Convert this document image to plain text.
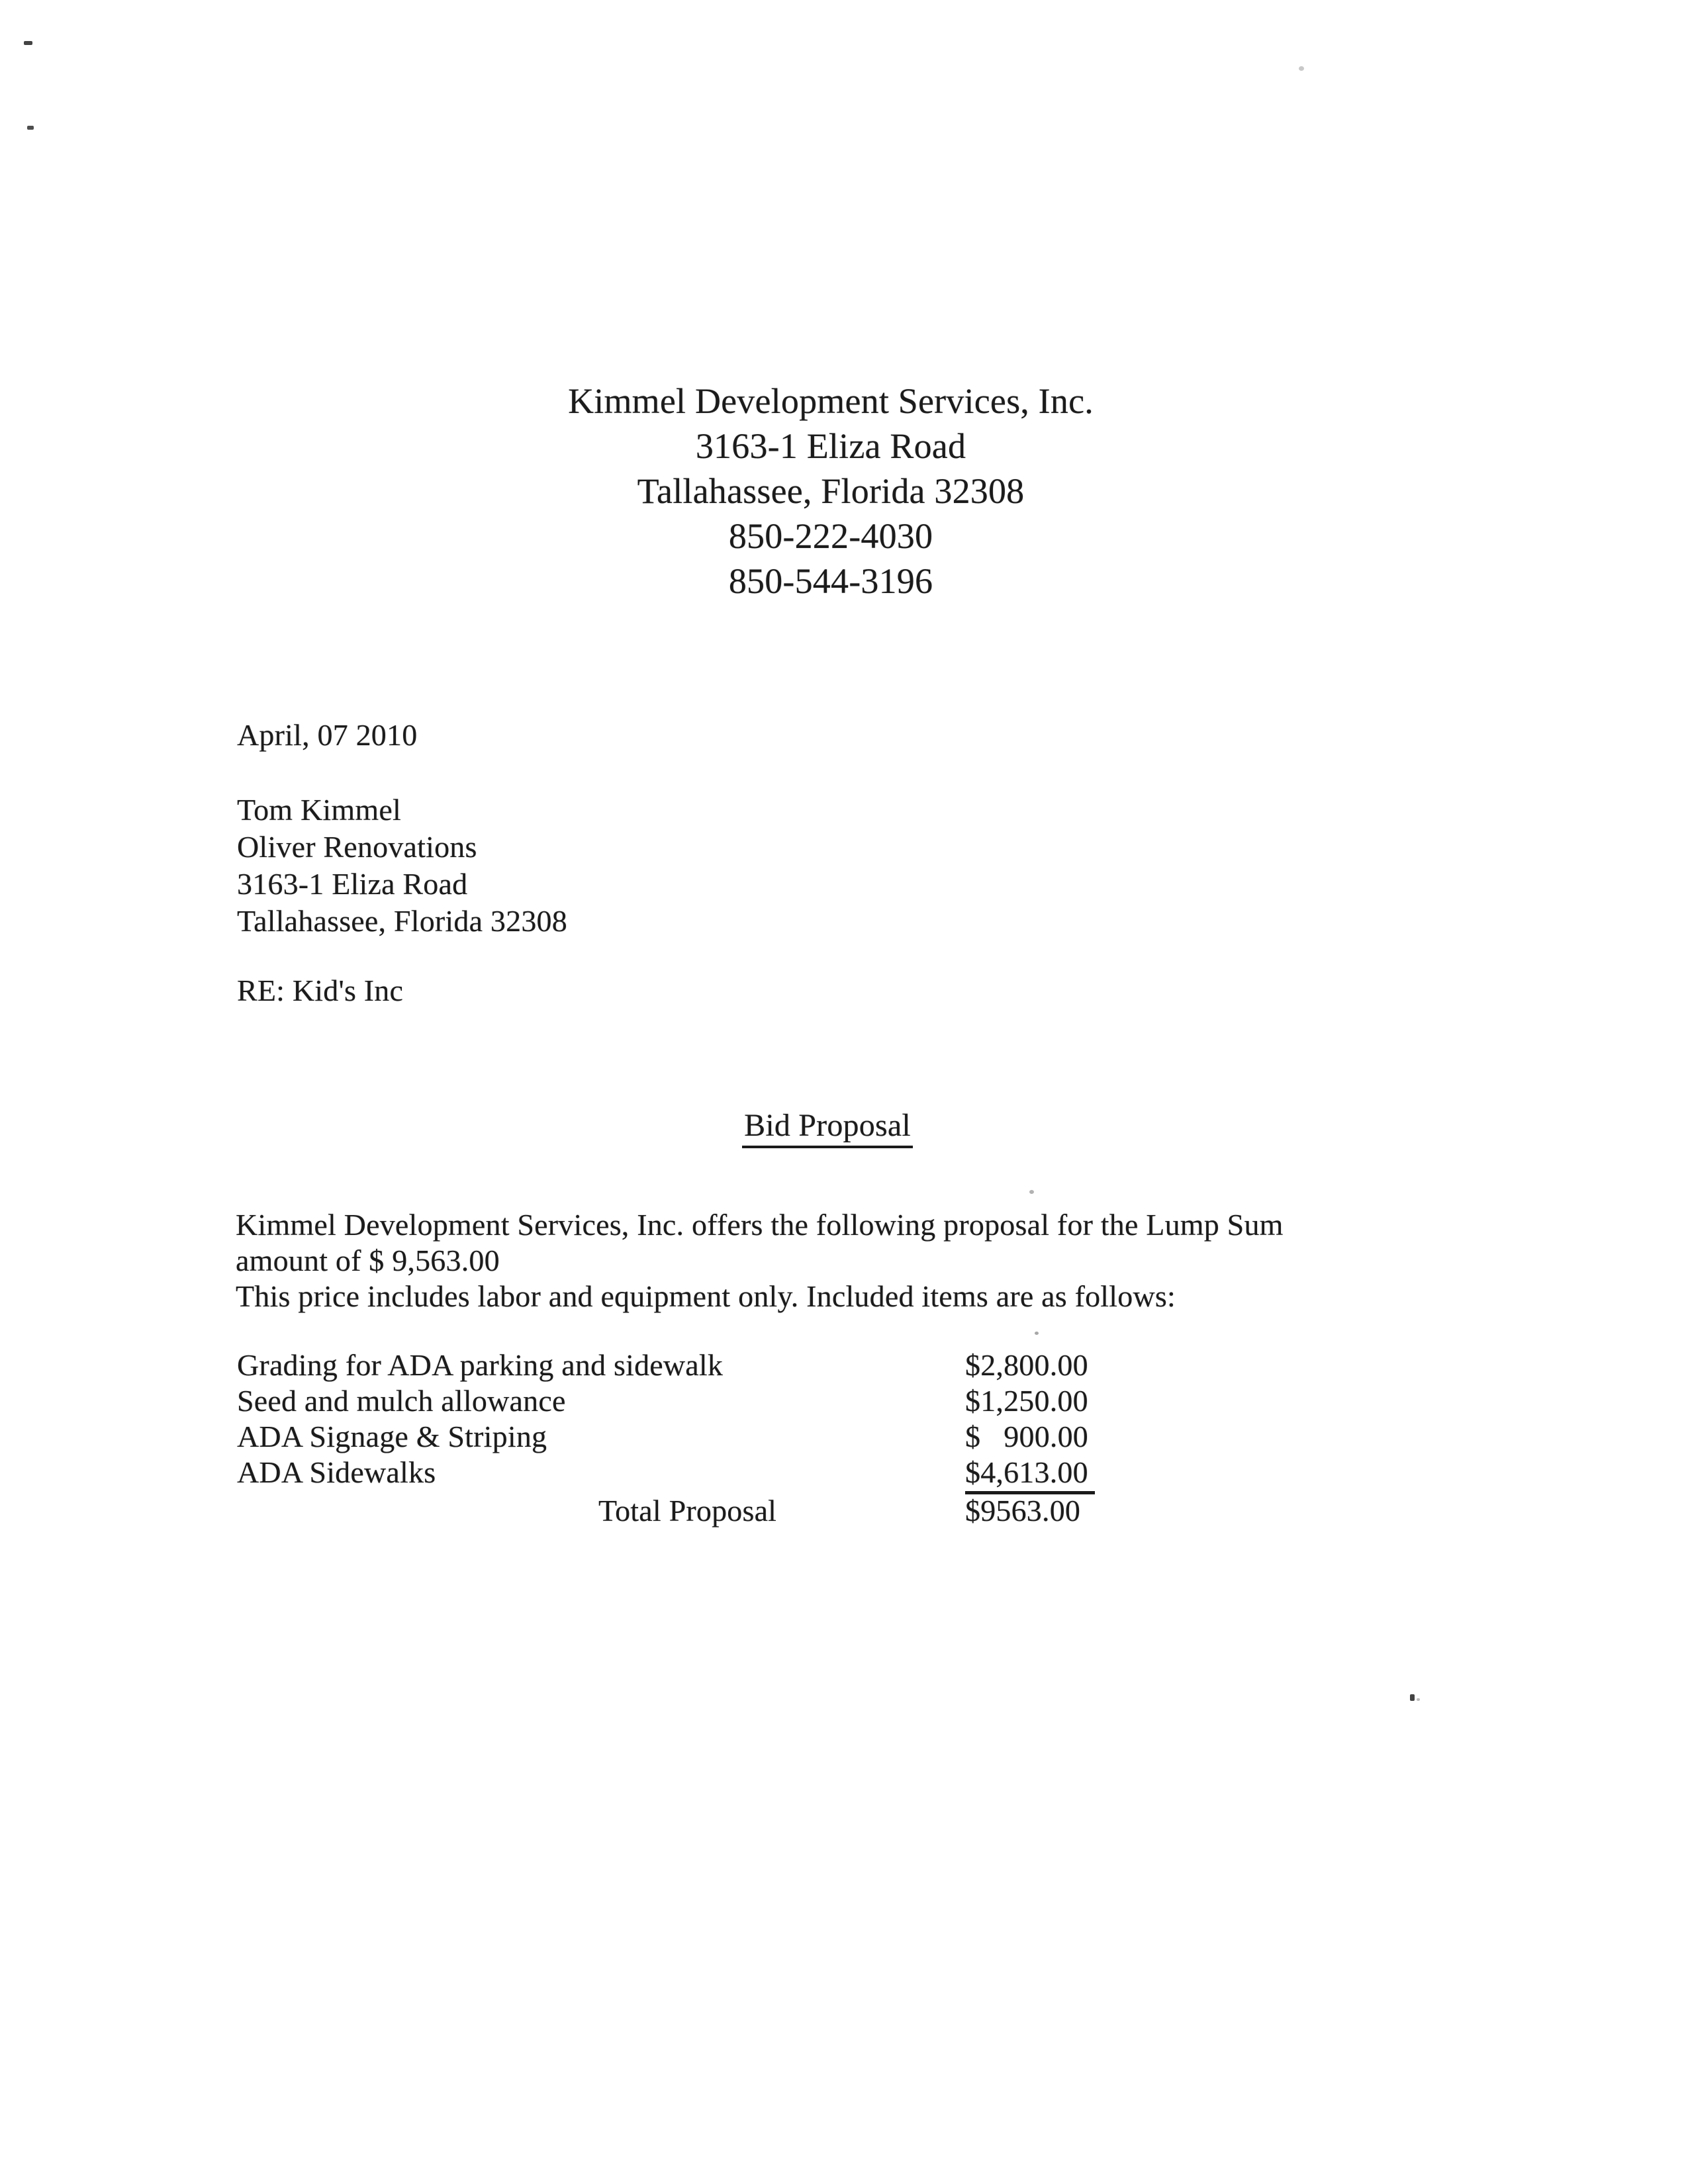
Kimmel Development Services, Inc.
3163-1 Eliza Road
Tallahassee, Florida 32308
850-222-4030
850-544-3196
April, 07 2010
Tom Kimmel
Oliver Renovations
3163-1 Eliza Road
Tallahassee, Florida 32308
RE: Kid's Inc
Bid Proposal
Kimmel Development Services, Inc. offers the following proposal for the Lump Sum
amount of $ 9,563.00
This price includes labor and equipment only. Included items are as follows:
Grading for ADA parking and sidewalk	$2,800.00
Seed and mulch allowance	$1,250.00
ADA Signage & Striping	$   900.00
ADA Sidewalks	$4,613.00
Total Proposal	$9563.00
